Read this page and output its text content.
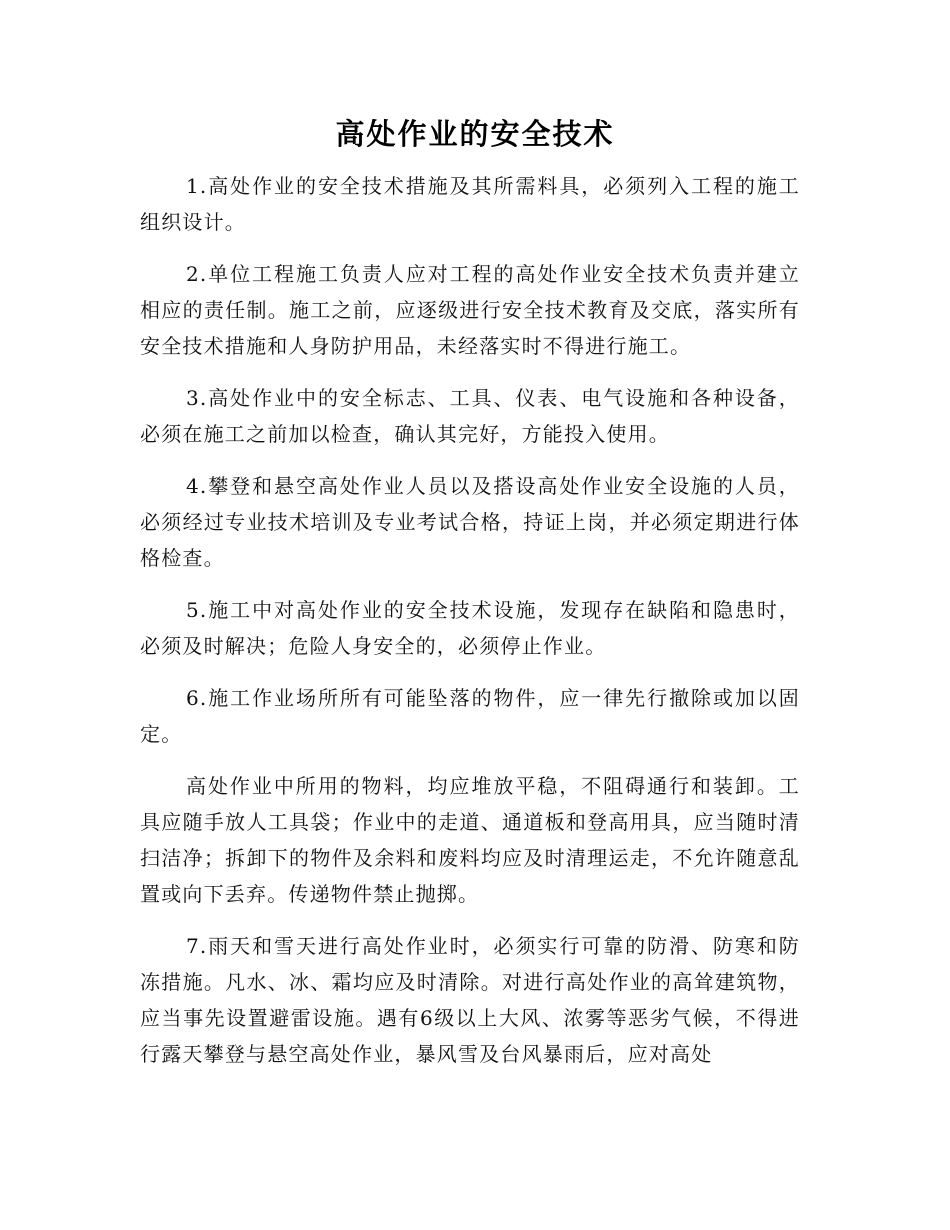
高处作业的安全技术

1.高处作业的安全技术措施及其所需料具，必须列入工程的施工组织设计。

2.单位工程施工负责人应对工程的高处作业安全技术负责并建立相应的责任制。施工之前，应逐级进行安全技术教育及交底，落实所有安全技术措施和人身防护用品，未经落实时不得进行施工。

3.高处作业中的安全标志、工具、仪表、电气设施和各种设备，必须在施工之前加以检查，确认其完好，方能投入使用。

4.攀登和悬空高处作业人员以及搭设高处作业安全设施的人员，必须经过专业技术培训及专业考试合格，持证上岗，并必须定期进行体格检查。

5.施工中对高处作业的安全技术设施，发现存在缺陷和隐患时，必须及时解决；危险人身安全的，必须停止作业。

6.施工作业场所所有可能坠落的物件，应一律先行撤除或加以固定。

高处作业中所用的物料，均应堆放平稳，不阻碍通行和装卸。工具应随手放人工具袋；作业中的走道、通道板和登高用具，应当随时清扫洁净；拆卸下的物件及余料和废料均应及时清理运走，不允许随意乱置或向下丢弃。传递物件禁止抛掷。

7.雨天和雪天进行高处作业时，必须实行可靠的防滑、防寒和防冻措施。凡水、冰、霜均应及时清除。对进行高处作业的高耸建筑物，应当事先设置避雷设施。遇有6级以上大风、浓雾等恶劣气候，不得进行露天攀登与悬空高处作业，暴风雪及台风暴雨后，应对高处
